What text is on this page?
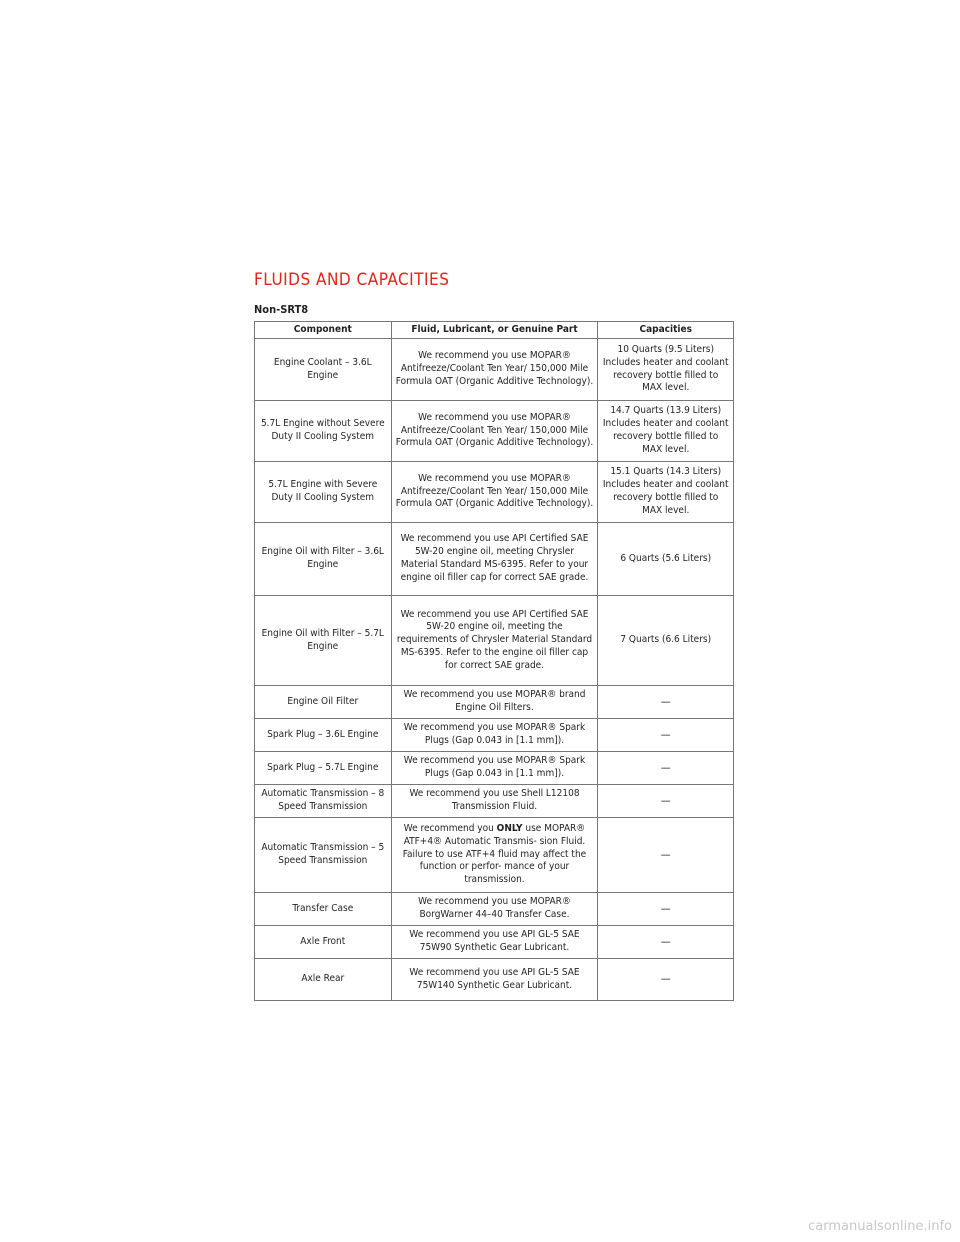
FLUIDS AND CAPACITIES
Non-SRT8
Component	Fluid, Lubricant, or Genuine Part	Capacities
Engine Coolant – 3.6L Engine	We recommend you use MOPAR® Antifreeze/Coolant Ten Year/ 150,000 Mile Formula OAT (Organic Additive Technology).	10 Quarts (9.5 Liters) Includes heater and coolant recovery bottle filled to MAX level.
5.7L Engine without Severe Duty II Cooling System	We recommend you use MOPAR® Antifreeze/Coolant Ten Year/ 150,000 Mile Formula OAT (Organic Additive Technology).	14.7 Quarts (13.9 Liters) Includes heater and coolant recovery bottle filled to MAX level.
5.7L Engine with Severe Duty II Cooling System	We recommend you use MOPAR® Antifreeze/Coolant Ten Year/ 150,000 Mile Formula OAT (Organic Additive Technology).	15.1 Quarts (14.3 Liters) Includes heater and coolant recovery bottle filled to MAX level.
Engine Oil with Filter – 3.6L Engine	We recommend you use API Certified SAE 5W-20 engine oil, meeting Chrysler Material Standard MS-6395. Refer to your engine oil filler cap for correct SAE grade.	6 Quarts (5.6 Liters)
Engine Oil with Filter – 5.7L Engine	We recommend you use API Certified SAE 5W-20 engine oil, meeting the requirements of Chrysler Material Standard MS-6395. Refer to the engine oil filler cap for correct SAE grade.	7 Quarts (6.6 Liters)
Engine Oil Filter	We recommend you use MOPAR® brand Engine Oil Filters.	—
Spark Plug – 3.6L Engine	We recommend you use MOPAR® Spark Plugs (Gap 0.043 in [1.1 mm]).	—
Spark Plug – 5.7L Engine	We recommend you use MOPAR® Spark Plugs (Gap 0.043 in [1.1 mm]).	—
Automatic Transmission – 8 Speed Transmission	We recommend you use Shell L12108 Transmission Fluid.	—
Automatic Transmission – 5 Speed Transmission	We recommend you ONLY use MOPAR® ATF+4® Automatic Transmis- sion Fluid. Failure to use ATF+4 fluid may affect the function or perfor- mance of your transmission.	—
Transfer Case	We recommend you use MOPAR® BorgWarner 44–40 Transfer Case.	—
Axle Front	We recommend you use API GL-5 SAE 75W90 Synthetic Gear Lubricant.	—
Axle Rear	We recommend you use API GL-5 SAE 75W140 Synthetic Gear Lubricant.	—
carmanualsonline.info
